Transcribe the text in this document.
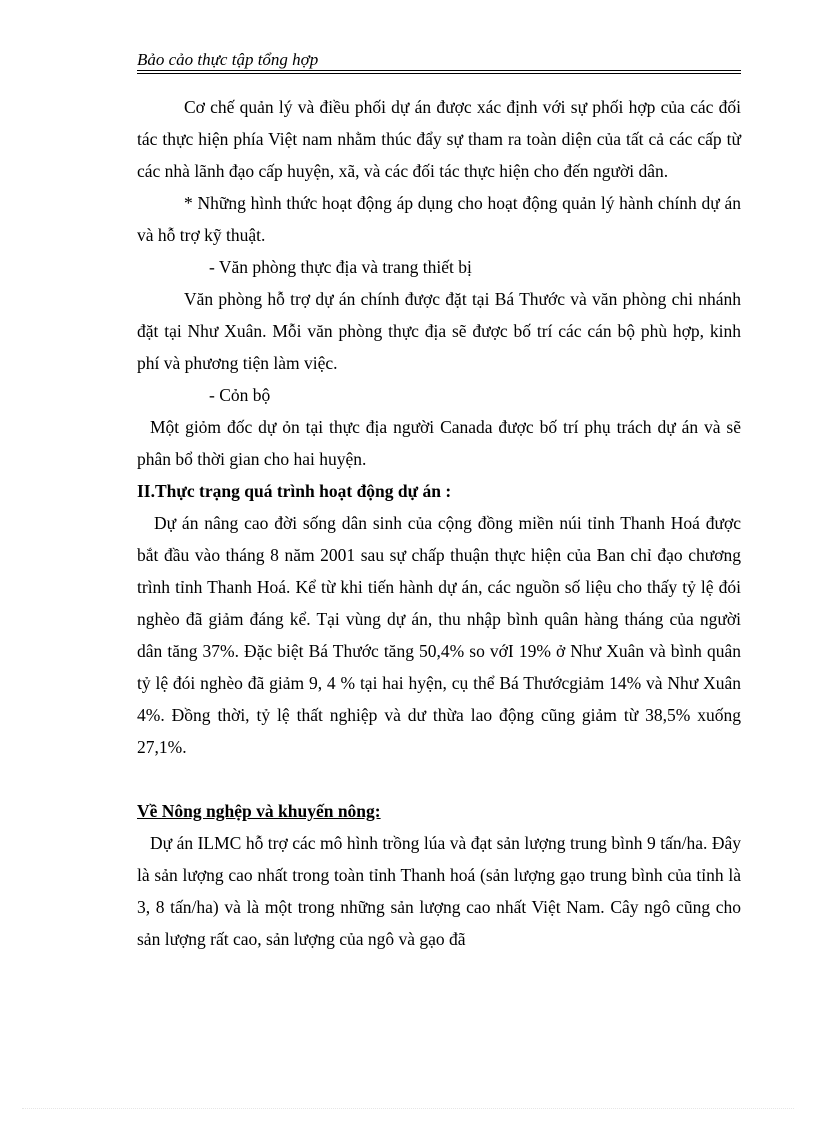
Bảo cảo thực tập tổng hợp

Cơ chế quản lý và điều phối dự án được xác định với sự phối hợp của các đối tác thực hiện phía Việt nam nhằm thúc đẩy sự tham ra toàn diện của tất cả các cấp từ các nhà lãnh đạo cấp huyện, xã, và các đối tác thực hiện cho đến người dân.

* Những hình thức hoạt động áp dụng cho hoạt động quản lý hành chính dự án và hỗ trợ kỹ thuật.

- Văn phòng thực địa và trang thiết bị

Văn phòng hỗ trợ dự án chính được đặt tại Bá Thước và văn phòng chi nhánh đặt tại Như Xuân. Mỗi văn phòng thực địa sẽ được bố trí các cán bộ phù hợp, kinh phí và phương tiện làm việc.

- Cỏn bộ

Một giỏm đốc dự ỏn tại thực địa người Canada được bố trí phụ trách dự án và sẽ phân bổ thời gian cho hai huyện.

II.Thực trạng quá trình hoạt động dự án :

Dự án nâng cao đời sống dân sinh của cộng đồng miền núi tỉnh Thanh Hoá được bắt đầu vào tháng 8 năm 2001 sau sự chấp thuận thực hiện của Ban chỉ đạo chương trình tỉnh Thanh Hoá. Kể từ khi tiến hành dự án, các nguồn số liệu cho thấy tỷ lệ đói nghèo đã giảm đáng kể. Tại vùng dự án, thu nhập bình quân hàng tháng của người dân tăng 37%. Đặc biệt Bá Thước tăng 50,4% so vớI 19% ở Như Xuân và bình quân tỷ lệ đói nghèo đã giảm 9, 4 % tại hai hyện, cụ thể Bá Thướcgiảm 14% và Như Xuân 4%. Đồng thời, tỷ lệ thất nghiệp và dư thừa lao động cũng giảm từ 38,5% xuống 27,1%.

Về Nông nghệp và khuyến nông:

Dự án ILMC hỗ trợ các mô hình trồng lúa và đạt sản lượng trung bình 9 tấn/ha. Đây là sản lượng cao nhất trong toàn tỉnh Thanh hoá (sản lượng gạo trung bình của tỉnh là 3, 8 tấn/ha) và là một trong những sản lượng cao nhất Việt Nam. Cây ngô cũng cho sản lượng rất cao, sản lượng của ngô và gạo đã
